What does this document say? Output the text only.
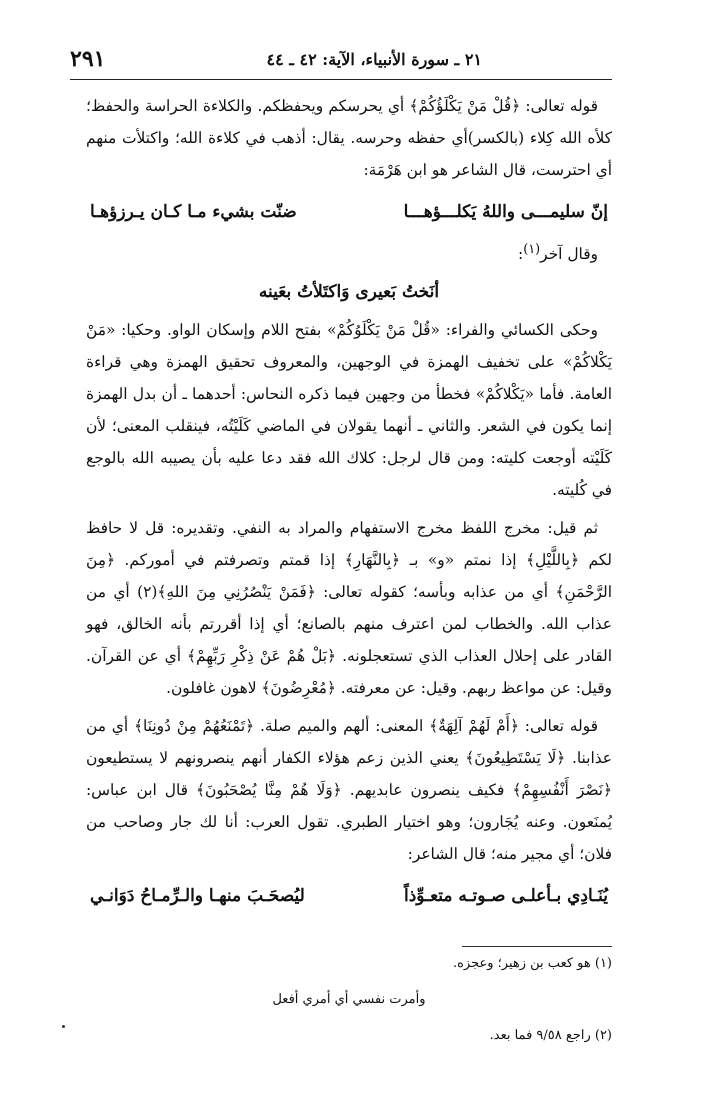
٢٩١	٢١ ـ سورة الأنبياء، الآية: ٤٢ ـ ٤٤

قوله تعالى: ﴿قُلْ مَنْ يَكْلَؤُكُمْ﴾ أي يحرسكم ويحفظكم. والكلاءة الحراسة والحفظ؛ كلأه الله كِلاء (بالكسر)أي حفظه وحرسه. يقال: أذهب في كلاءة الله؛ واكتلأت منهم أي احترست، قال الشاعر هو ابن هَرْمَة:

إنّ سليمـــى واللهُ يَكلـــؤهـــا
ضنّت بشيء مـا كـان يـرزؤهـا
وقال آخر$^{(١)}$:
أنَختُ بَعيرى وَاكتَلأتُ بعَينه

وحكى الكسائي والفراء: «قُلْ مَنْ يَكْلَوُكُمْ» بفتح اللام وإسكان الواو. وحكيا: «مَنْ يَكْلاكُمْ» على تخفيف الهمزة في الوجهين، والمعروف تحقيق الهمزة وهي قراءة العامة. فأما «يَكْلاكُمْ» فخطأ من وجهين فيما ذكره النحاس: أحدهما ـ أن بدل الهمزة إنما يكون في الشعر. والثاني ـ أنهما يقولان في الماضي كَلَيْتُه، فينقلب المعنى؛ لأن كَلَيْته أوجعت كليته: ومن قال لرجل: كلاك الله فقد دعا عليه بأن يصيبه الله بالوجع في كُليته.

ثم قيل: مخرج اللفظ مخرج الاستفهام والمراد به النفي. وتقديره: قل لا حافظ لكم ﴿بِاللَّيْلِ﴾ إذا نمتم «و» بـ ﴿بِالنَّهَارِ﴾ إذا قمتم وتصرفتم في أموركم. ﴿مِنَ الرَّحْمَنِ﴾ أي من عذابه وبأسه؛ كقوله تعالى: ﴿فَمَنْ يَنْصُرُنِي مِنَ اللهِ﴾(٢) أي من عذاب الله. والخطاب لمن اعترف منهم بالصانع؛ أي إذا أقررتم بأنه الخالق، فهو القادر على إحلال العذاب الذي تستعجلونه. ﴿بَلْ هُمْ عَنْ ذِكْرِ رَبِّهِمْ﴾ أي عن القرآن. وقيل: عن مواعظ ربهم. وقيل: عن معرفته. ﴿مُعْرِضُونَ﴾ لاهون غافلون.

قوله تعالى: ﴿أَمْ لَهُمْ آلِهَةٌ﴾ المعنى: ألهم والميم صلة. ﴿تَمْنَعُهُمْ مِنْ دُونِنَا﴾ أي من عذابنا. ﴿لَا يَسْتَطِيعُونَ﴾ يعني الذين زعم هؤلاء الكفار أنهم ينصرونهم لا يستطيعون ﴿نَصْرَ أَنْفُسِهِمْ﴾ فكيف ينصرون عابديهم. ﴿وَلَا هُمْ مِنَّا يُصْحَبُونَ﴾ قال ابن عباس: يُمنَعون. وعنه يُجَارون؛ وهو اختيار الطبري. تقول العرب: أنا لك جار وصاحب من فلان؛ أي مجير منه؛ قال الشاعر:

يُنَـادِي بـأعلـى صـوتـه متعـوِّذاً
ليُصحَـبَ منهـا والـرِّمـاحُ دَوَانـي

(١) هو كعب بن زهير؛ وعجزه.

وأمرت نفسي أي أمري أفعل

(٢) راجع ٩/٥٨ فما بعد.
